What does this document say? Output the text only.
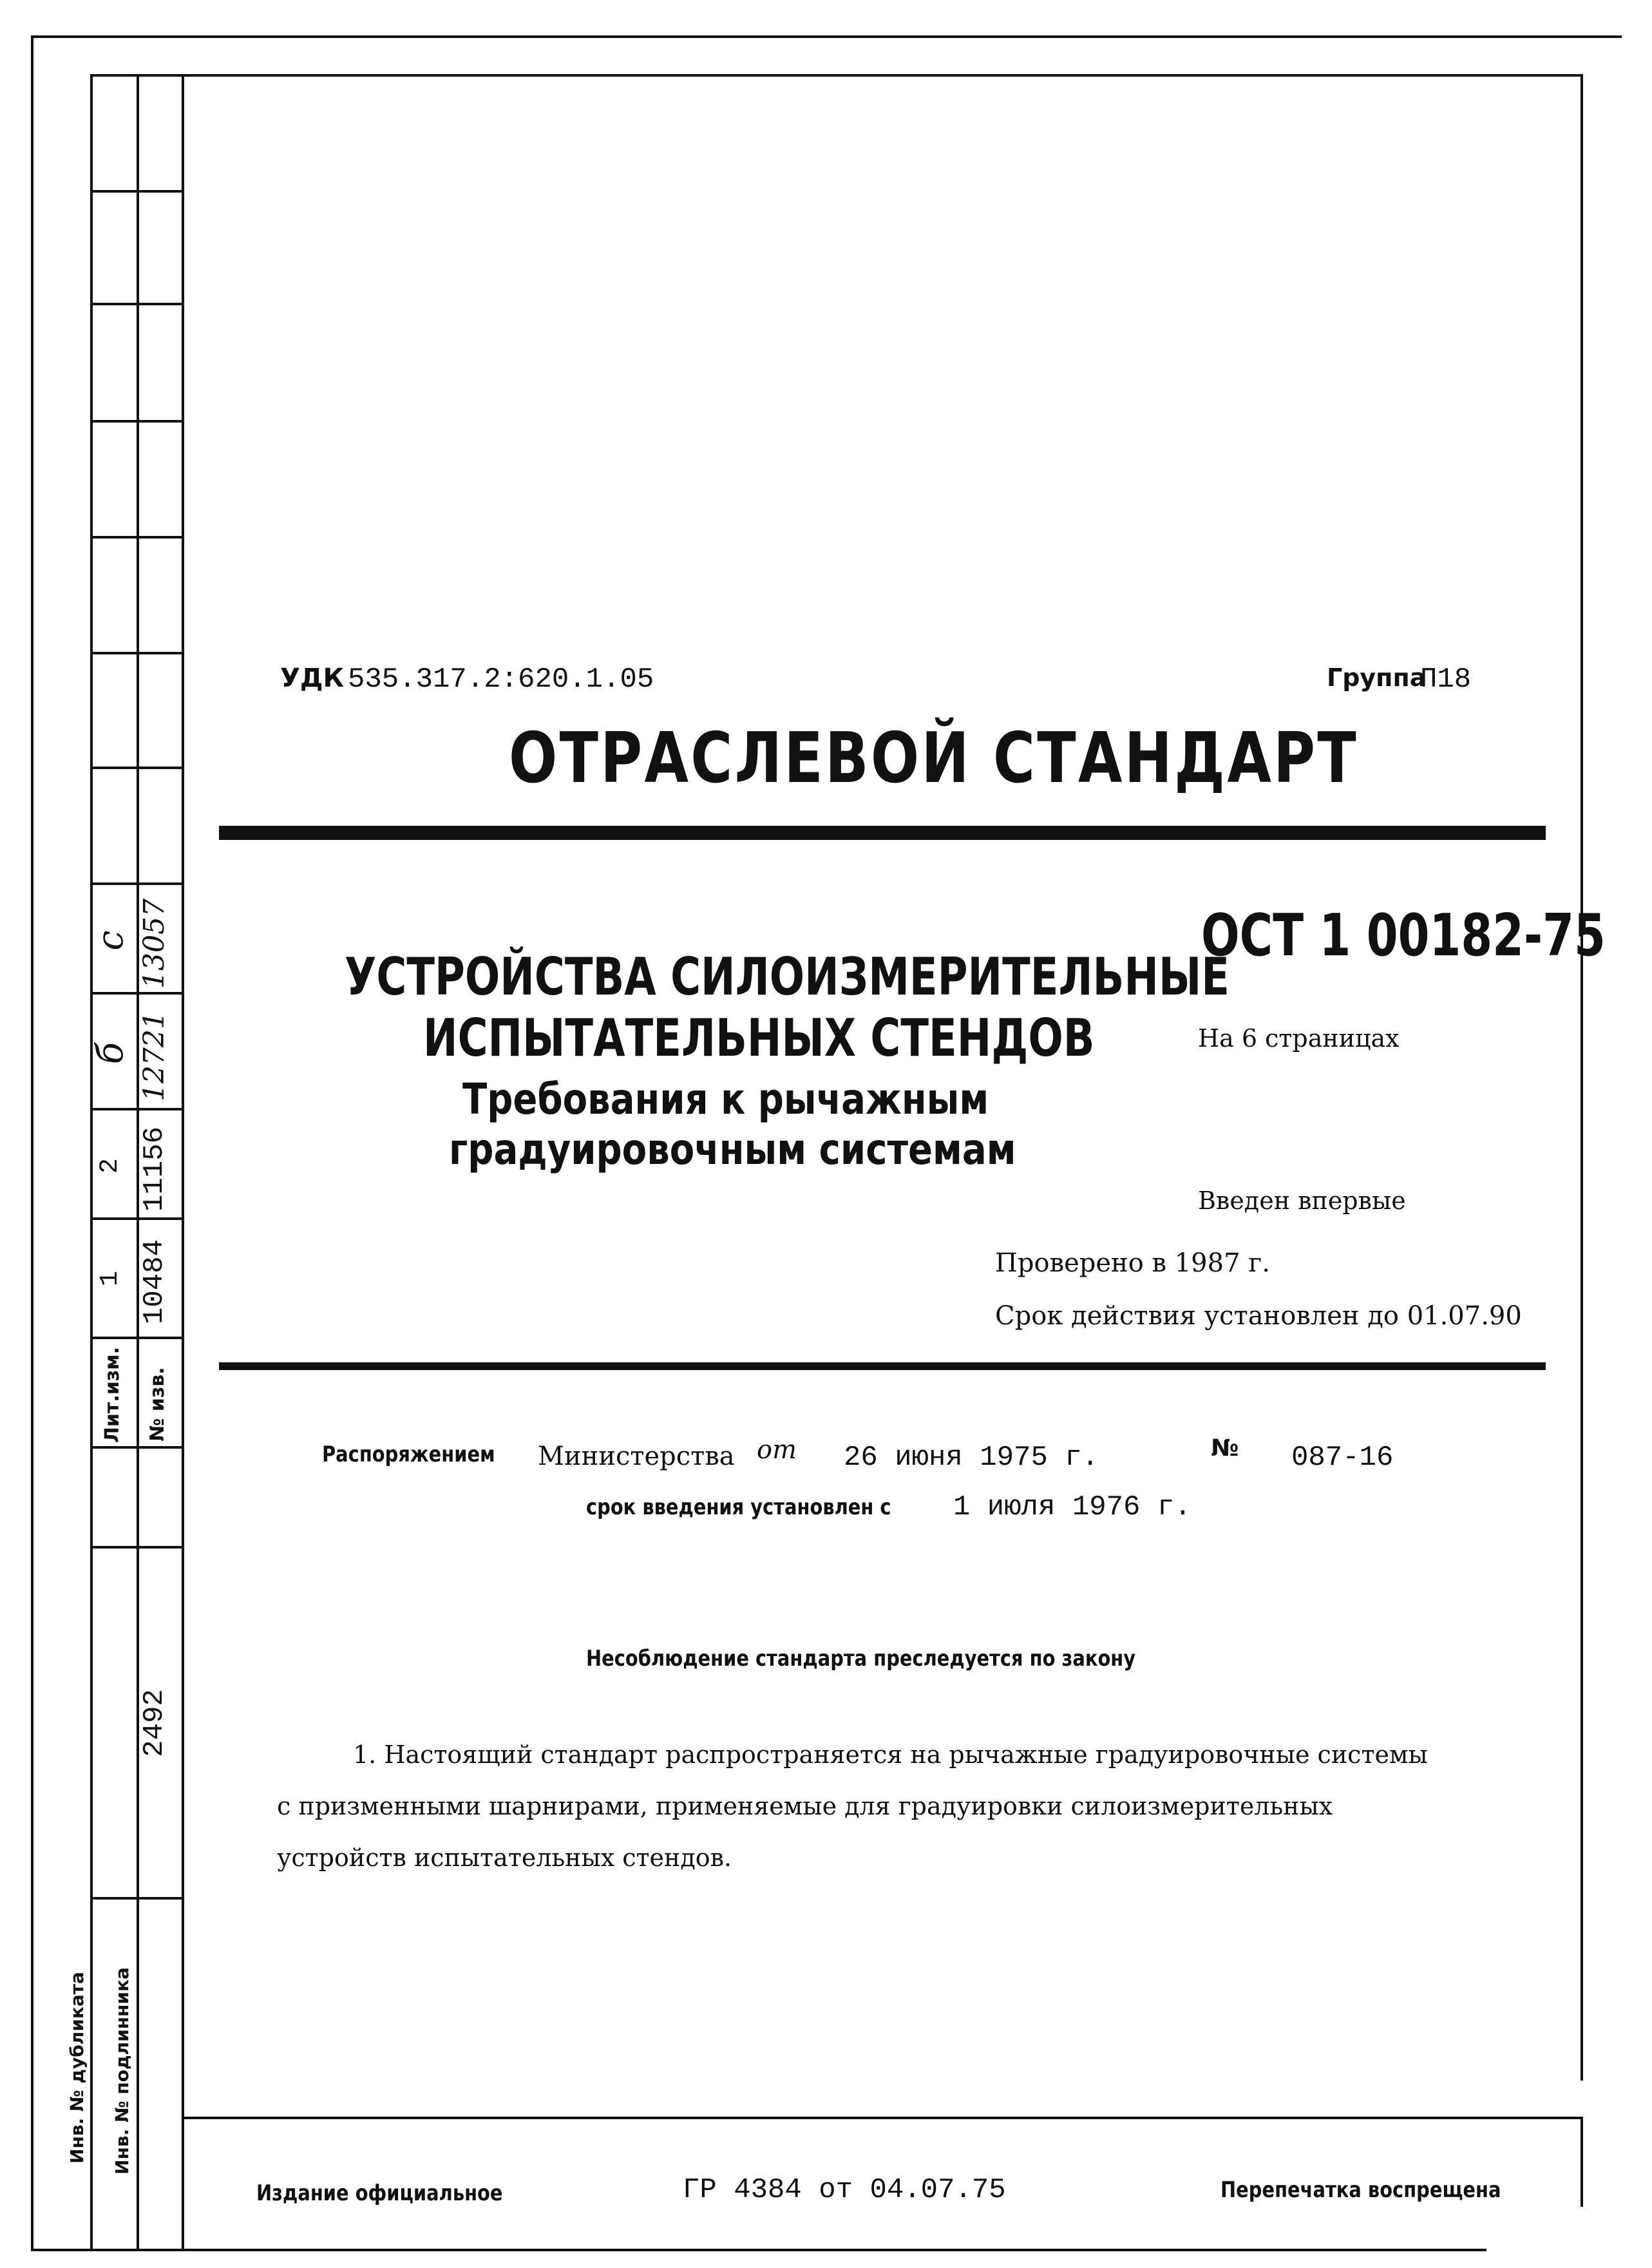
Лит.изм.	№ изв.
1 10484
2 11156
б 12721
с 13057
2492
Инв. № дубликата	Инв. № подлинника
УДК 535.317.2:620.1.05	Группа
П18
ОТРАСЛЕВОЙ СТАНДАРТ
УСТРОЙСТВА СИЛОИЗМЕРИТЕЛЬНЫЕ
ИСПЫТАТЕЛЬНЫХ СТЕНДОВ
Требования к рычажным
градуировочным системам
ОСТ 1 00182-75
На 6 страницах
Введен впервые
Проверено в 1987 г.
Срок действия установлен до 01.07.90
Распоряжением Министерства от 26 июня 1975 г.	№ 087-16
срок введения установлен с 1 июля 1976 г.
Несоблюдение стандарта преследуется по закону
1. Настоящий стандарт распространяется на рычажные градуировочные системы
с призменными шарнирами, применяемые для градуировки силоизмерительных
устройств испытательных стендов.
Издание официальное	ГР 4384 от 04.07.75	Перепечатка воспрещена
